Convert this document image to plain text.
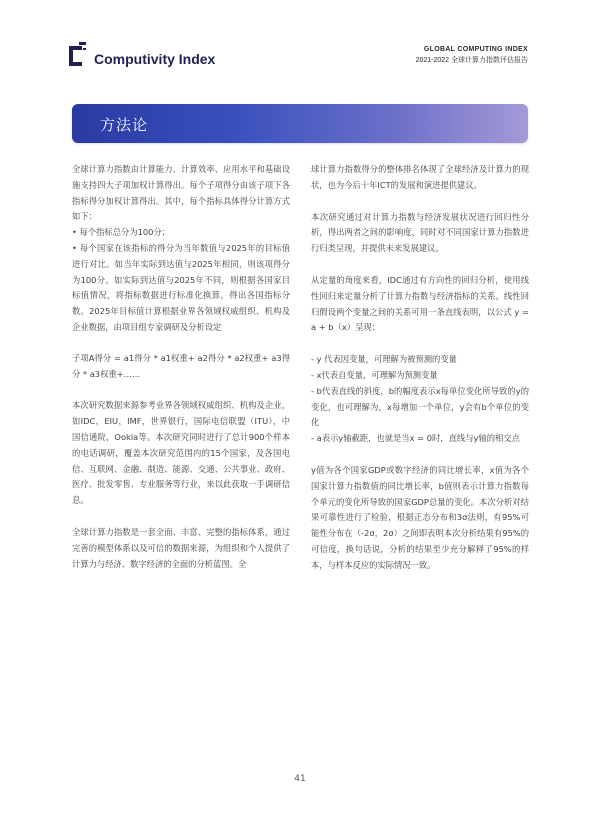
Computivity Index
GLOBAL COMPUTING INDEX
2021-2022 全球计算力指数评估报告
方法论

全球计算力指数由计算能力、计算效率、应用水平和基础设施支持四大子项加权计算得出。每个子项得分由该子项下各指标得分加权计算得出。其中，每个指标具体得分计算方式如下：

• 每个指标总分为100分；

• 每个国家在该指标的得分为当年数值与2025年的目标值进行对比。如当年实际到达值与2025年相同，则该项得分为100分。如实际到达值与2025年不同，则根据各国家目标值情况，将指标数据进行标准化换算，得出各国指标分数。2025年目标值计算根据业界各领域权威组织、机构及企业数据，由项目组专家调研及分析设定

子项A得分 = a1得分 * a1权重+ a2得分 * a2权重+ a3得分 * a3权重+……

本次研究数据来源参考业界各领域权威组织、机构及企业，如IDC，EIU，IMF，世界银行，国际电信联盟（ITU），中国信通院，Ookla等。本次研究同时进行了总计900个样本的电话调研，覆盖本次研究范围内的15个国家，及各国电信、互联网、金融、制造、能源、交通、公共事业、政府、医疗、批发零售、专业服务等行业，来以此获取一手调研信息。

全球计算力指数是一套全面、丰富、完整的指标体系，通过完善的模型体系以及可信的数据来源，为组织和个人提供了计算力与经济、数字经济的全面的分析蓝图。全

球计算力指数得分的整体排名体现了全球经济及计算力的现状，也为今后十年ICT的发展和演进提供建议。

本次研究通过对计算力指数与经济发展状况进行回归性分析，得出两者之间的影响度，同时对不同国家计算力指数进行归类呈现，并提供未来发展建议。

从定量的角度来看，IDC通过有方向性的回归分析，使用线性回归来定量分析了计算力指数与经济指标的关系。线性回归假设两个变量之间的关系可用一条直线表明，以公式 y = a + b（x）呈现：

- y 代表因变量，可理解为被预测的变量

- x代表自变量，可理解为预测变量

- b代表直线的斜度，b的幅度表示x每单位变化所导致的y的变化，也可理解为，x每增加一个单位，y会有b个单位的变化

- a表示y轴截距，也就是当x = 0时，直线与y轴的相交点

y值为各个国家GDP或数字经济的同比增长率，x值为各个国家计算力指数值的同比增长率，b值则表示计算力指数每个单元的变化所导致的国家GDP总量的变化。本次分析对结果可靠性进行了检验，根据正态分布和3σ法则，有95%可能性分布在（-2σ，2σ）之间即表明本次分析结果有95%的可信度，换句话说，分析的结果至少充分解释了95%的样本，与样本反应的实际情况一致。

41
